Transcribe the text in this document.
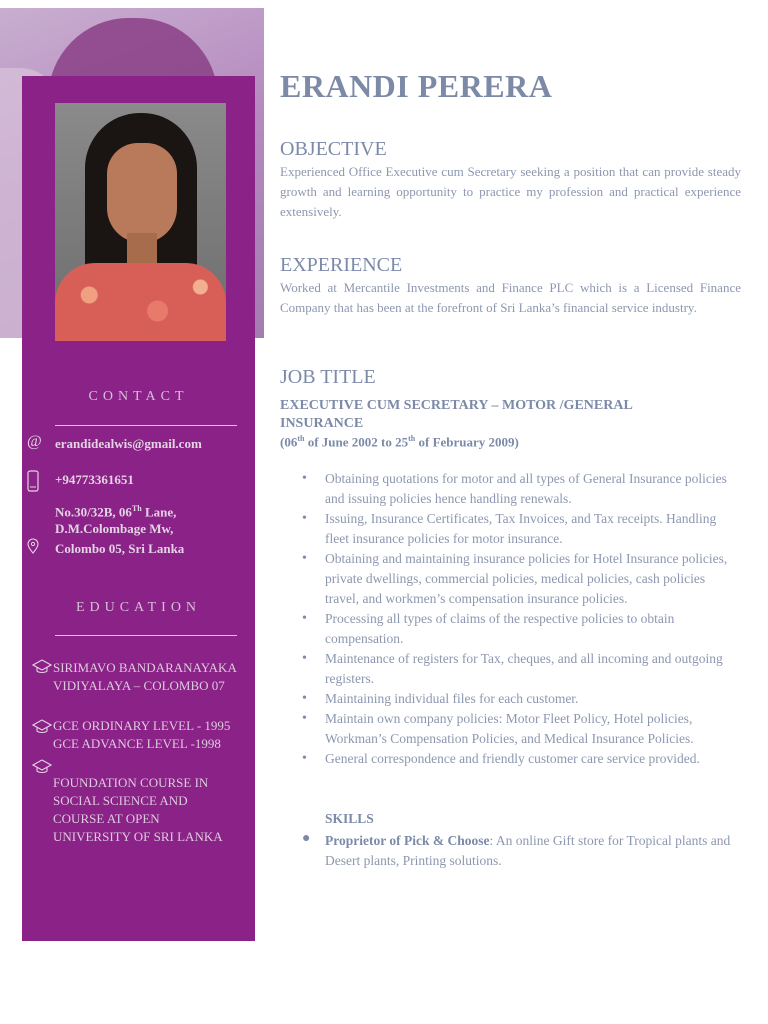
CONTACT
@ erandidealwis@gmail.com
+94773361651
No.30/32B, 06Th Lane,
D.M.Colombage Mw,
Colombo 05, Sri Lanka
EDUCATION
SIRIMAVO BANDARANAYAKA
VIDIYALAYA – COLOMBO 07
GCE ORDINARY LEVEL - 1995
GCE ADVANCE LEVEL -1998
FOUNDATION COURSE IN
SOCIAL SCIENCE AND
COURSE AT OPEN
UNIVERSITY OF SRI LANKA
ERANDI PERERA
OBJECTIVE
Experienced Office Executive cum Secretary seeking a position that can provide steady growth and learning opportunity to practice my profession and practical experience extensively.
EXPERIENCE
Worked at Mercantile Investments and Finance PLC which is a Licensed Finance Company that has been at the forefront of Sri Lanka’s financial service industry.
JOB TITLE
EXECUTIVE CUM SECRETARY – MOTOR /GENERAL INSURANCE
(06th of June 2002 to 25th of February 2009)
• Obtaining quotations for motor and all types of General Insurance policies and issuing policies hence handling renewals.
• Issuing, Insurance Certificates, Tax Invoices, and Tax receipts. Handling fleet insurance policies for motor insurance.
• Obtaining and maintaining insurance policies for Hotel Insurance policies, private dwellings, commercial policies, medical policies, cash policies travel, and workmen’s compensation insurance policies.
• Processing all types of claims of the respective policies to obtain compensation.
• Maintenance of registers for Tax, cheques, and all incoming and outgoing registers.
• Maintaining individual files for each customer.
• Maintain own company policies: Motor Fleet Policy, Hotel policies, Workman’s Compensation Policies, and Medical Insurance Policies.
• General correspondence and friendly customer care service provided.
SKILLS
● Proprietor of Pick & Choose: An online Gift store for Tropical plants and Desert plants, Printing solutions.
